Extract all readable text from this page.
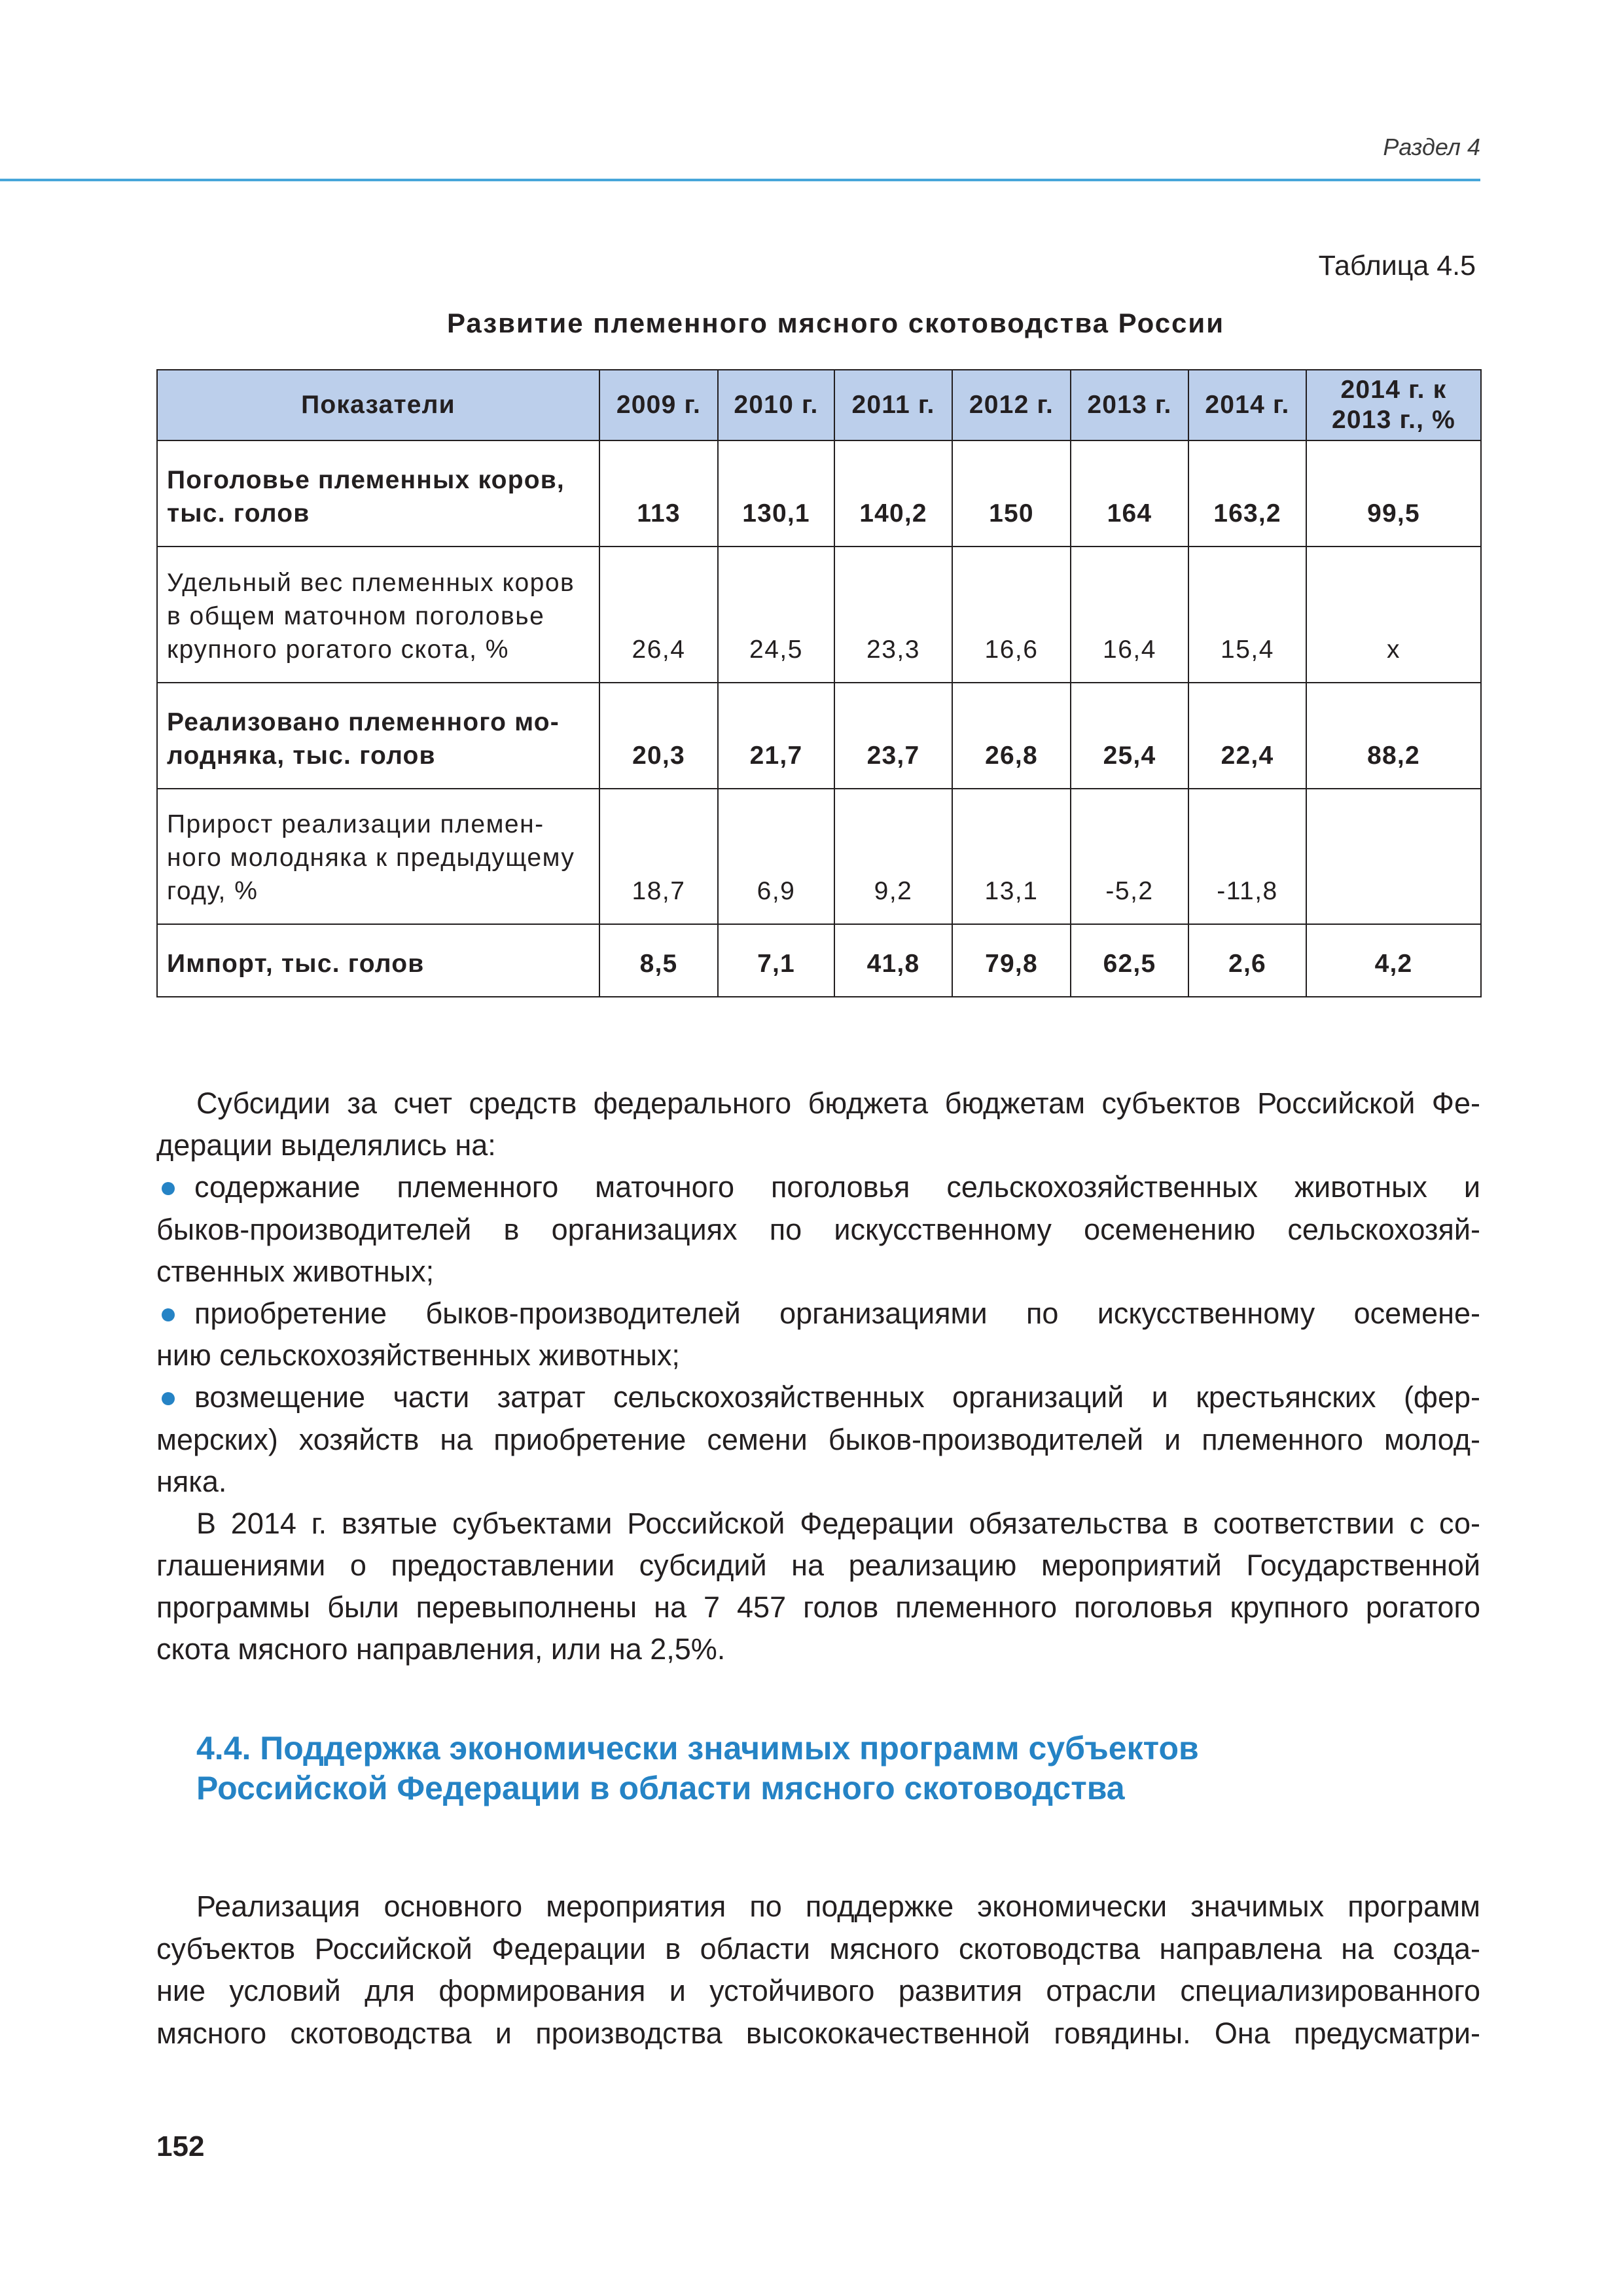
Раздел 4
Таблица 4.5
Развитие племенного мясного скотоводства России
Показатели	2009 г.	2010 г.	2011 г.	2012 г.	2013 г.	2014 г.	2014 г. к
2013 г., %

Поголовье племенных коров,
тыс. голов	113	130,1	140,2	150	164	163,2	99,5

Удельный вес племенных коров
в общем маточном поголовье
крупного рогатого скота, %	26,4	24,5	23,3	16,6	16,4	15,4	х

Реализовано племенного мо-
лодняка, тыс. голов	20,3	21,7	23,7	26,8	25,4	22,4	88,2

Прирост реализации племен-
ного молодняка к предыдущему
году, %	18,7	6,9	9,2	13,1	-5,2	-11,8	

Импорт, тыс. голов	8,5	7,1	41,8	79,8	62,5	2,6	4,2
Субсидии за счет средств федерального бюджета бюджетам субъектов Российской Фе-
дерации выделялись на:
содержание племенного маточного поголовья сельскохозяйственных животных и
быков-производителей в организациях по искусственному осеменению сельскохозяй-
ственных животных;
приобретение быков-производителей организациями по искусственному осемене-
нию сельскохозяйственных животных;
возмещение части затрат сельскохозяйственных организаций и крестьянских (фер-
мерских) хозяйств на приобретение семени быков-производителей и племенного молод-
няка.
В 2014 г. взятые субъектами Российской Федерации обязательства в соответствии с со-
глашениями о предоставлении субсидий на реализацию мероприятий Государственной
программы были перевыполнены на 7 457 голов племенного поголовья крупного рогатого
скота мясного направления, или на 2,5%.
4.4. Поддержка экономически значимых программ субъектов
Российской Федерации в области мясного скотоводства
Реализация основного мероприятия по поддержке экономически значимых программ
субъектов Российской Федерации в области мясного скотоводства направлена на созда-
ние условий для формирования и устойчивого развития отрасли специализированного
мясного скотоводства и производства высококачественной говядины. Она предусматри-
152
